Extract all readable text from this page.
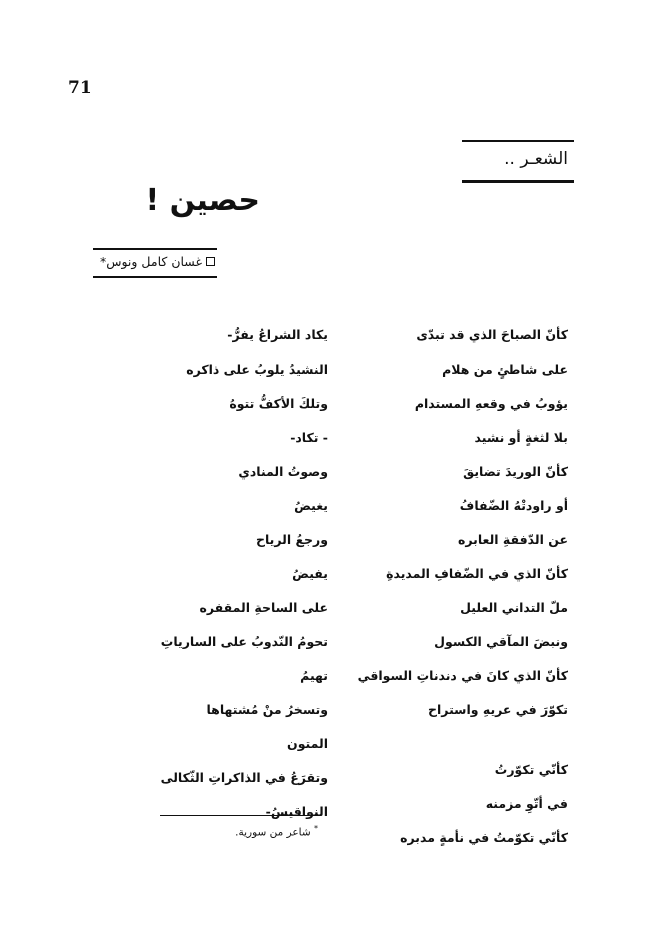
71
الشعـر ..
حصين !
غسان كامل ونوس*
كأنّ الصباحَ الذي قد تبدّى
على شاطئٍ من هلام
يؤوبُ في وقعهِ المستدام
بلا لثغةٍ أو نشيد
كأنّ الوريدَ تضايقَ
أو راودتْهُ الضّفافُ
عن الدّفقةِ العابره
كأنّ الذي في الضّفافِ المديدةِ
ملّ التداني العليل
ونبضَ المآقي الكسول
كأنّ الذي كانَ في دندناتِ السواقي
تكوّرَ في عريهِ واستراح
كأنّي تكوّرتُ
في أتّوِ مزمنه
كأنّي تكوّمتُ في نأمةٍ مدبره
يكاد الشراعُ يفرُّ-
النشيدُ يلوبُ على ذاكره
وتلكَ الأكفُّ تتوهُ
- تكاد-
وصوتُ المنادي
يغيضُ
ورجعُ الرياح
يفيضُ
على الساحةِ المقفره
تحومُ النّدوبُ على السارياتِ
تهيمُ
وتسخرُ منْ مُشتهاها
المتون
وتقرَعُ في الذاكراتِ الثّكالى
النواقيسُ-
* شاعر من سورية.
